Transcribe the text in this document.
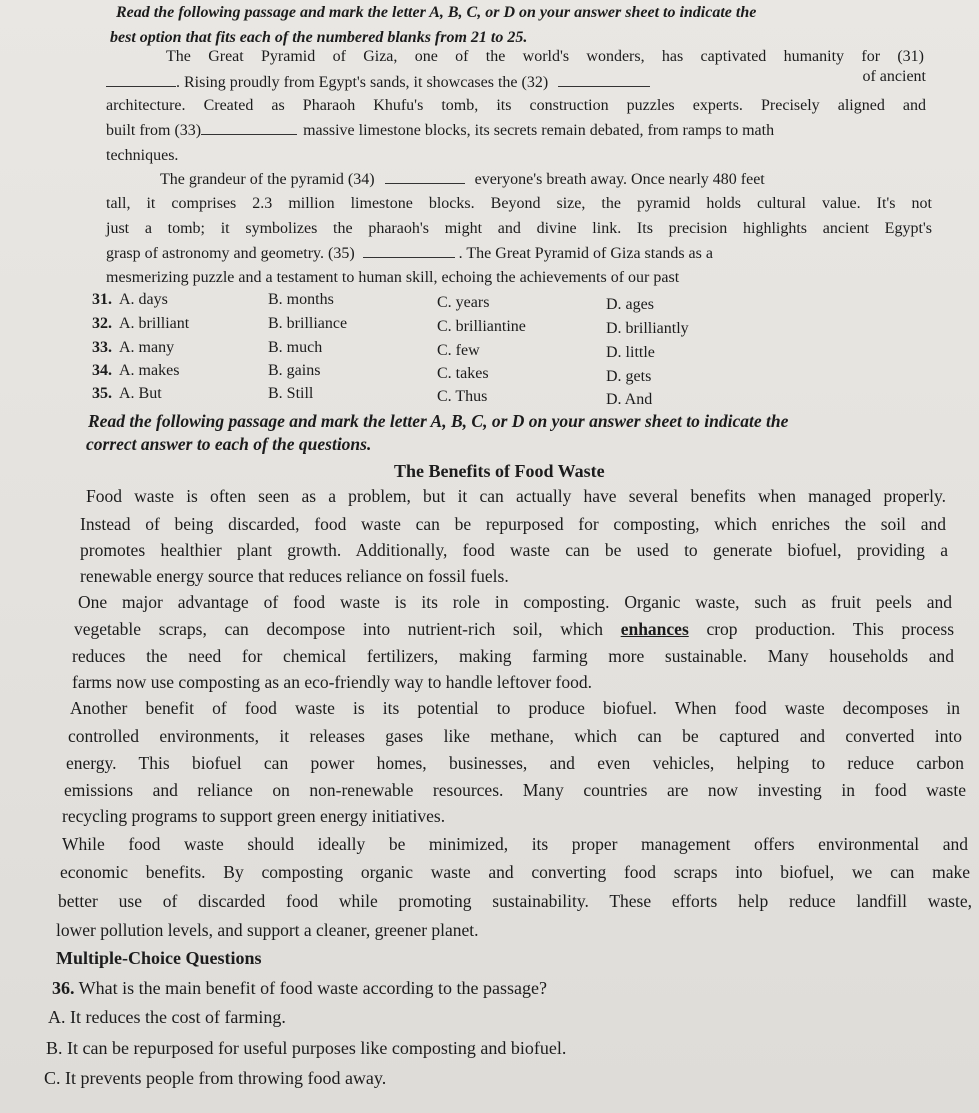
Read the following passage and mark the letter A, B, C, or D on your answer sheet to indicate the
best option that fits each of the numbered blanks from 21 to 25.
The Great Pyramid of Giza, one of the world's wonders, has captivated humanity for (31)
. Rising proudly from Egypt's sands, it showcases the (32)	of ancient
architecture. Created as Pharaoh Khufu's tomb, its construction puzzles experts. Precisely aligned and
built from (33)	massive limestone blocks, its secrets remain debated, from ramps to math
techniques.
The grandeur of the pyramid (34)	everyone's breath away. Once nearly 480 feet
tall, it comprises 2.3 million limestone blocks. Beyond size, the pyramid holds cultural value. It's not
just a tomb; it symbolizes the pharaoh's might and divine link. Its precision highlights ancient Egypt's
grasp of astronomy and geometry. (35)	. The Great Pyramid of Giza stands as a
mesmerizing puzzle and a testament to human skill, echoing the achievements of our past
31. A. days	B. months	C. years	D. ages
32. A. brilliant	B. brilliance	C. brilliantine	D. brilliantly
33. A. many	B. much	C. few	D. little
34. A. makes	B. gains	C. takes	D. gets
35. A. But	B. Still	C. Thus	D. And
Read the following passage and mark the letter A, B, C, or D on your answer sheet to indicate the
correct answer to each of the questions.
The Benefits of Food Waste
Food waste is often seen as a problem, but it can actually have several benefits when managed properly.
Instead of being discarded, food waste can be repurposed for composting, which enriches the soil and
promotes healthier plant growth. Additionally, food waste can be used to generate biofuel, providing a
renewable energy source that reduces reliance on fossil fuels.
One major advantage of food waste is its role in composting. Organic waste, such as fruit peels and
vegetable scraps, can decompose into nutrient-rich soil, which enhances crop production. This process
reduces the need for chemical fertilizers, making farming more sustainable. Many households and
farms now use composting as an eco-friendly way to handle leftover food.
Another benefit of food waste is its potential to produce biofuel. When food waste decomposes in
controlled environments, it releases gases like methane, which can be captured and converted into
energy. This biofuel can power homes, businesses, and even vehicles, helping to reduce carbon
emissions and reliance on non-renewable resources. Many countries are now investing in food waste
recycling programs to support green energy initiatives.
While food waste should ideally be minimized, its proper management offers environmental and
economic benefits. By composting organic waste and converting food scraps into biofuel, we can make
better use of discarded food while promoting sustainability. These efforts help reduce landfill waste,
lower pollution levels, and support a cleaner, greener planet.
Multiple-Choice Questions
36. What is the main benefit of food waste according to the passage?
A. It reduces the cost of farming.
B. It can be repurposed for useful purposes like composting and biofuel.
C. It prevents people from throwing food away.
